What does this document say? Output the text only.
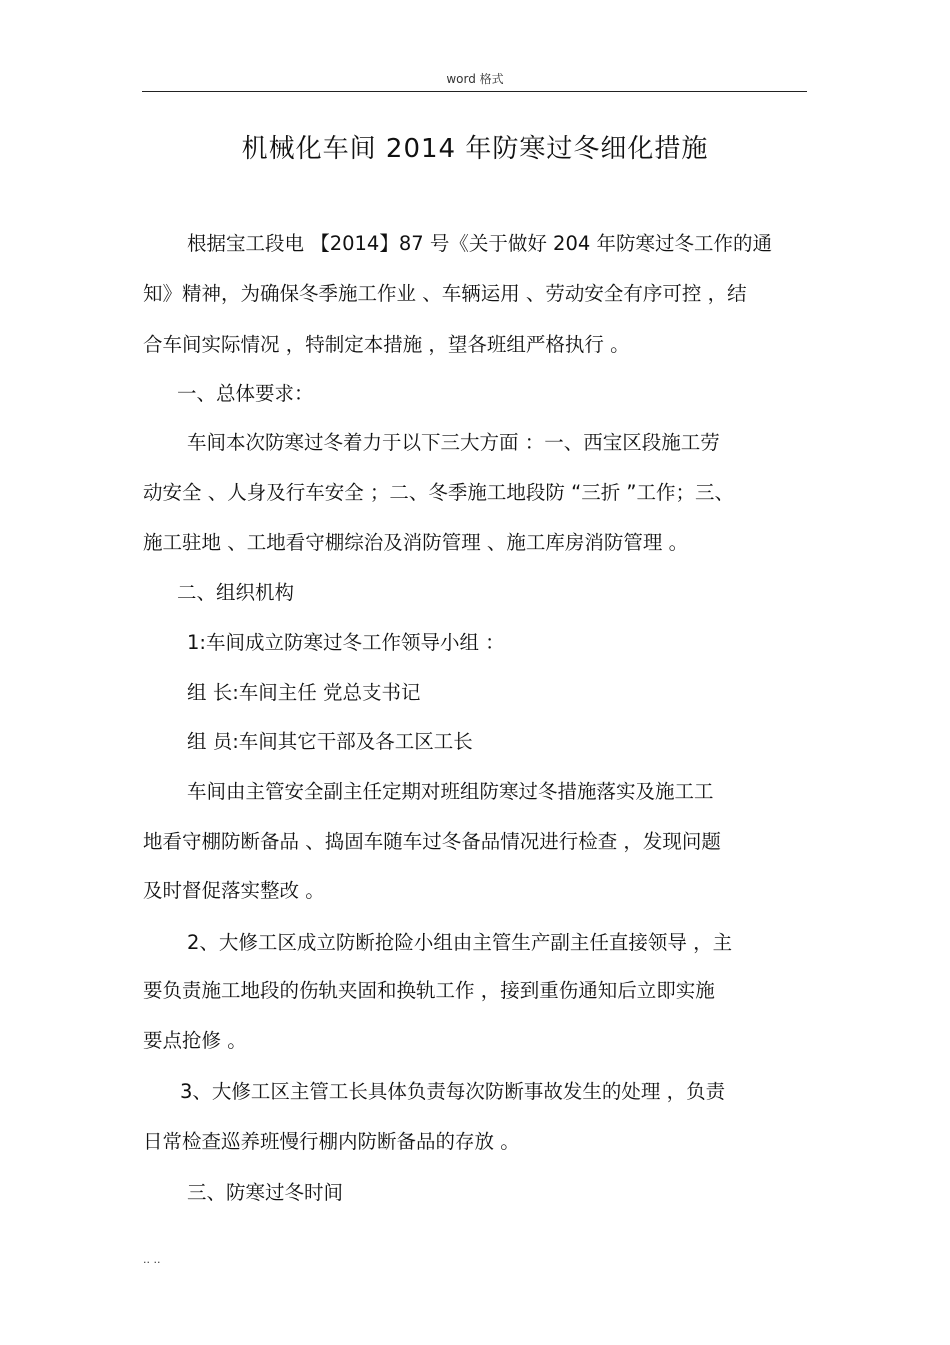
word 格式
机械化车间 2014 年防寒过冬细化措施
根据宝工段电 【2014】87 号《关于做好 204 年防寒过冬工作的通
知》精神，为确保冬季施工作业 、车辆运用 、劳动安全有序可控 ，结
合车间实际情况 ，特制定本措施 ，望各班组严格执行 。
一、总体要求：
车间本次防寒过冬着力于以下三大方面 ：一、西宝区段施工劳
动安全 、人身及行车安全 ；二、冬季施工地段防 “三折 ”工作；三、
施工驻地 、工地看守棚综治及消防管理 、施工库房消防管理 。
二、组织机构
1:车间成立防寒过冬工作领导小组 ：
组 长:车间主任 党总支书记
组 员:车间其它干部及各工区工长
车间由主管安全副主任定期对班组防寒过冬措施落实及施工工
地看守棚防断备品 、捣固车随车过冬备品情况进行检查 ，发现问题
及时督促落实整改 。
2、大修工区成立防断抢险小组由主管生产副主任直接领导 ，主
要负责施工地段的伤轨夹固和换轨工作 ，接到重伤通知后立即实施
要点抢修 。
3、大修工区主管工长具体负责每次防断事故发生的处理 ，负责
日常检查巡养班慢行棚内防断备品的存放 。
三、防寒过冬时间
.. ..
